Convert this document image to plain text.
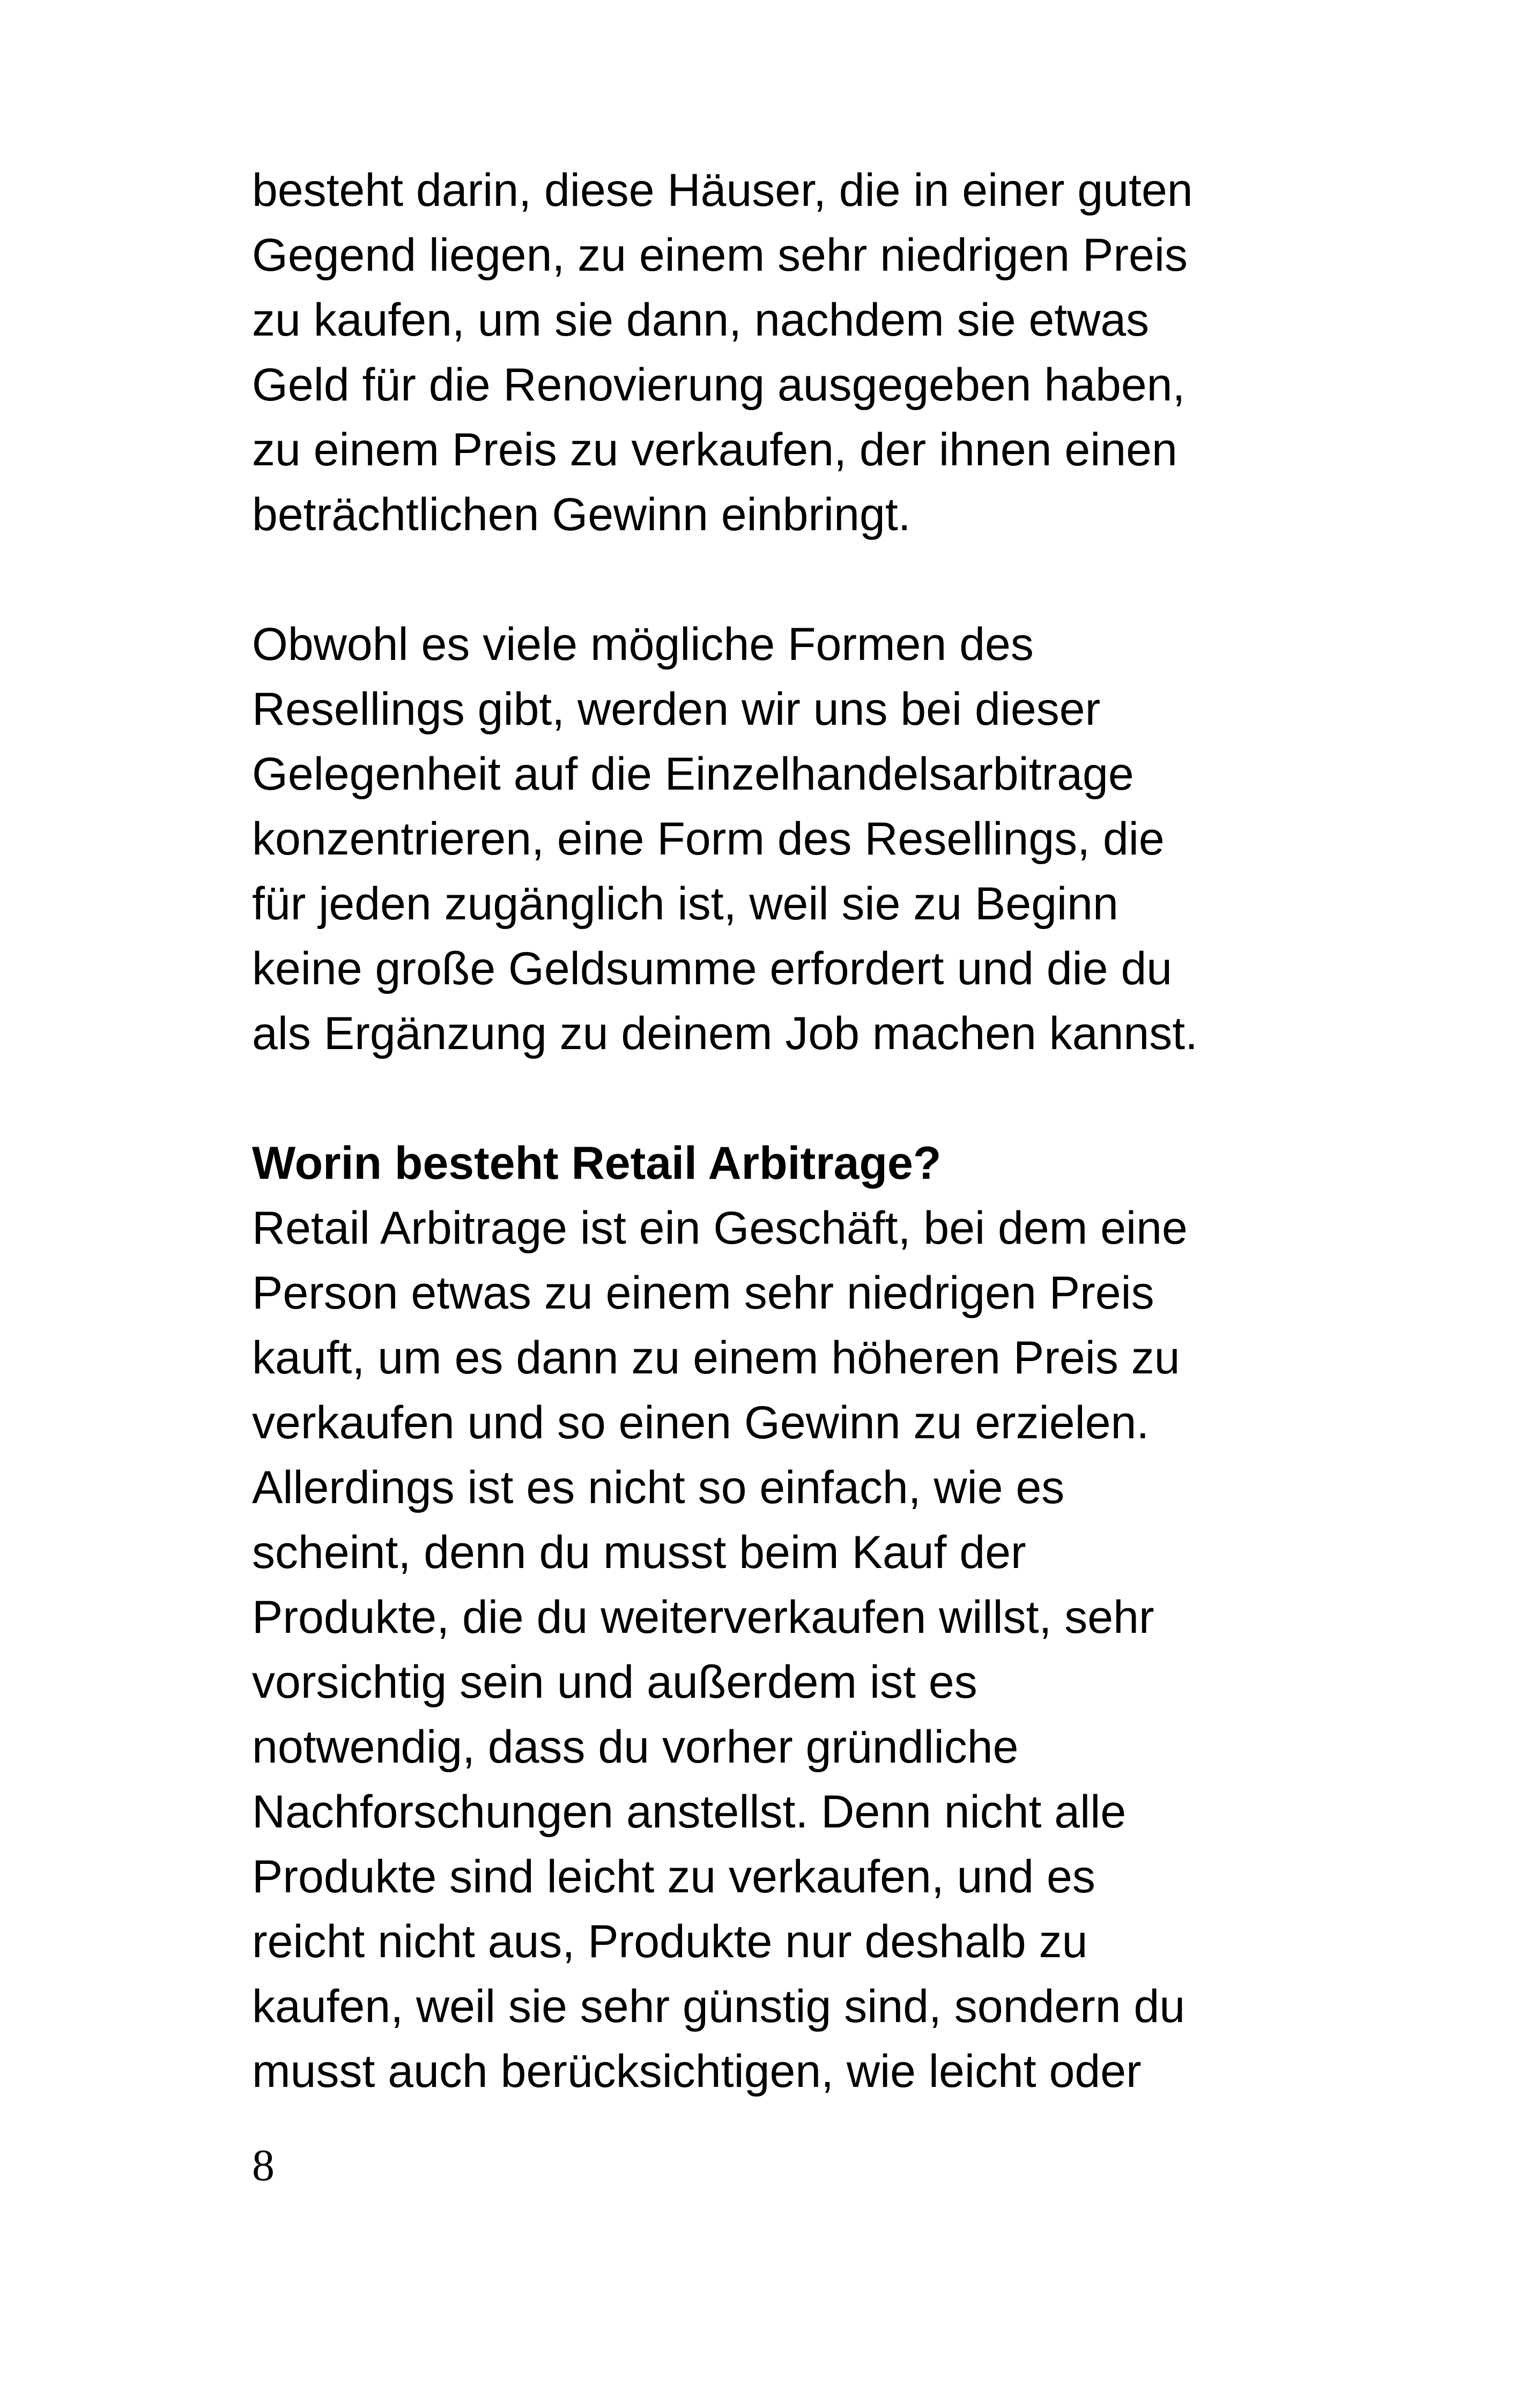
besteht darin, diese Häuser, die in einer guten
Gegend liegen, zu einem sehr niedrigen Preis
zu kaufen, um sie dann, nachdem sie etwas
Geld für die Renovierung ausgegeben haben,
zu einem Preis zu verkaufen, der ihnen einen
beträchtlichen Gewinn einbringt.
Obwohl es viele mögliche Formen des
Resellings gibt, werden wir uns bei dieser
Gelegenheit auf die Einzelhandelsarbitrage
konzentrieren, eine Form des Resellings, die
für jeden zugänglich ist, weil sie zu Beginn
keine große Geldsumme erfordert und die du
als Ergänzung zu deinem Job machen kannst.
Worin besteht Retail Arbitrage?
Retail Arbitrage ist ein Geschäft, bei dem eine
Person etwas zu einem sehr niedrigen Preis
kauft, um es dann zu einem höheren Preis zu
verkaufen und so einen Gewinn zu erzielen.
Allerdings ist es nicht so einfach, wie es
scheint, denn du musst beim Kauf der
Produkte, die du weiterverkaufen willst, sehr
vorsichtig sein und außerdem ist es
notwendig, dass du vorher gründliche
Nachforschungen anstellst. Denn nicht alle
Produkte sind leicht zu verkaufen, und es
reicht nicht aus, Produkte nur deshalb zu
kaufen, weil sie sehr günstig sind, sondern du
musst auch berücksichtigen, wie leicht oder
8
